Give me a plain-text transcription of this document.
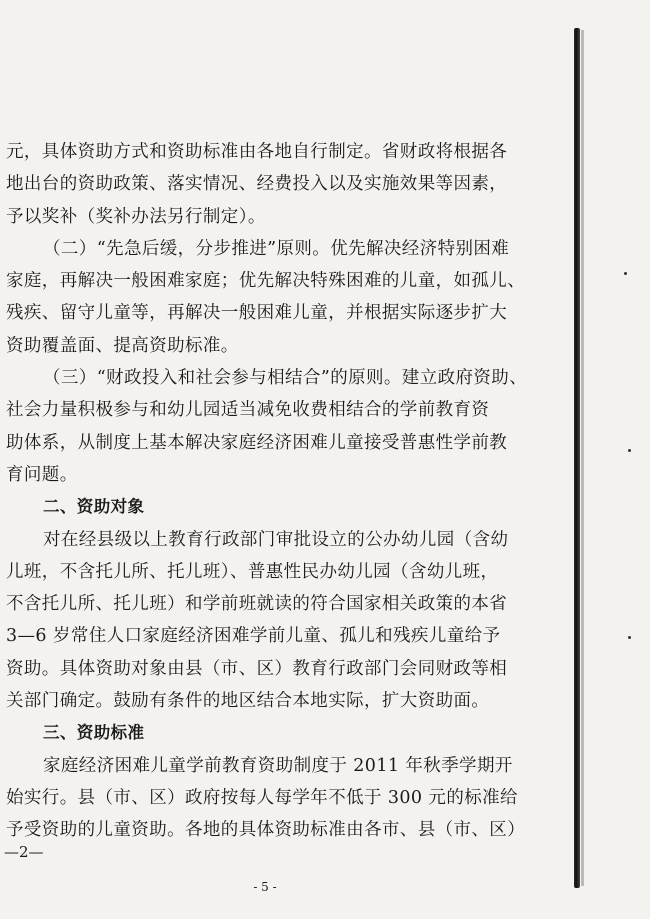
元，具体资助方式和资助标准由各地自行制定。省财政将根据各
地出台的资助政策、落实情况、经费投入以及实施效果等因素，
予以奖补（奖补办法另行制定）。
（二）“先急后缓，分步推进”原则。优先解决经济特别困难
家庭，再解决一般困难家庭；优先解决特殊困难的儿童，如孤儿、
残疾、留守儿童等，再解决一般困难儿童，并根据实际逐步扩大
资助覆盖面、提高资助标准。
（三）“财政投入和社会参与相结合”的原则。建立政府资助、
社会力量积极参与和幼儿园适当减免收费相结合的学前教育资
助体系，从制度上基本解决家庭经济困难儿童接受普惠性学前教
育问题。
二、资助对象
对在经县级以上教育行政部门审批设立的公办幼儿园（含幼
儿班，不含托儿所、托儿班）、普惠性民办幼儿园（含幼儿班，
不含托儿所、托儿班）和学前班就读的符合国家相关政策的本省
3—6 岁常住人口家庭经济困难学前儿童、孤儿和残疾儿童给予
资助。具体资助对象由县（市、区）教育行政部门会同财政等相
关部门确定。鼓励有条件的地区结合本地实际，扩大资助面。
三、资助标准
家庭经济困难儿童学前教育资助制度于 2011 年秋季学期开
始实行。县（市、区）政府按每人每学年不低于 300 元的标准给
予受资助的儿童资助。各地的具体资助标准由各市、县（市、区）
—2—
- 5 -
